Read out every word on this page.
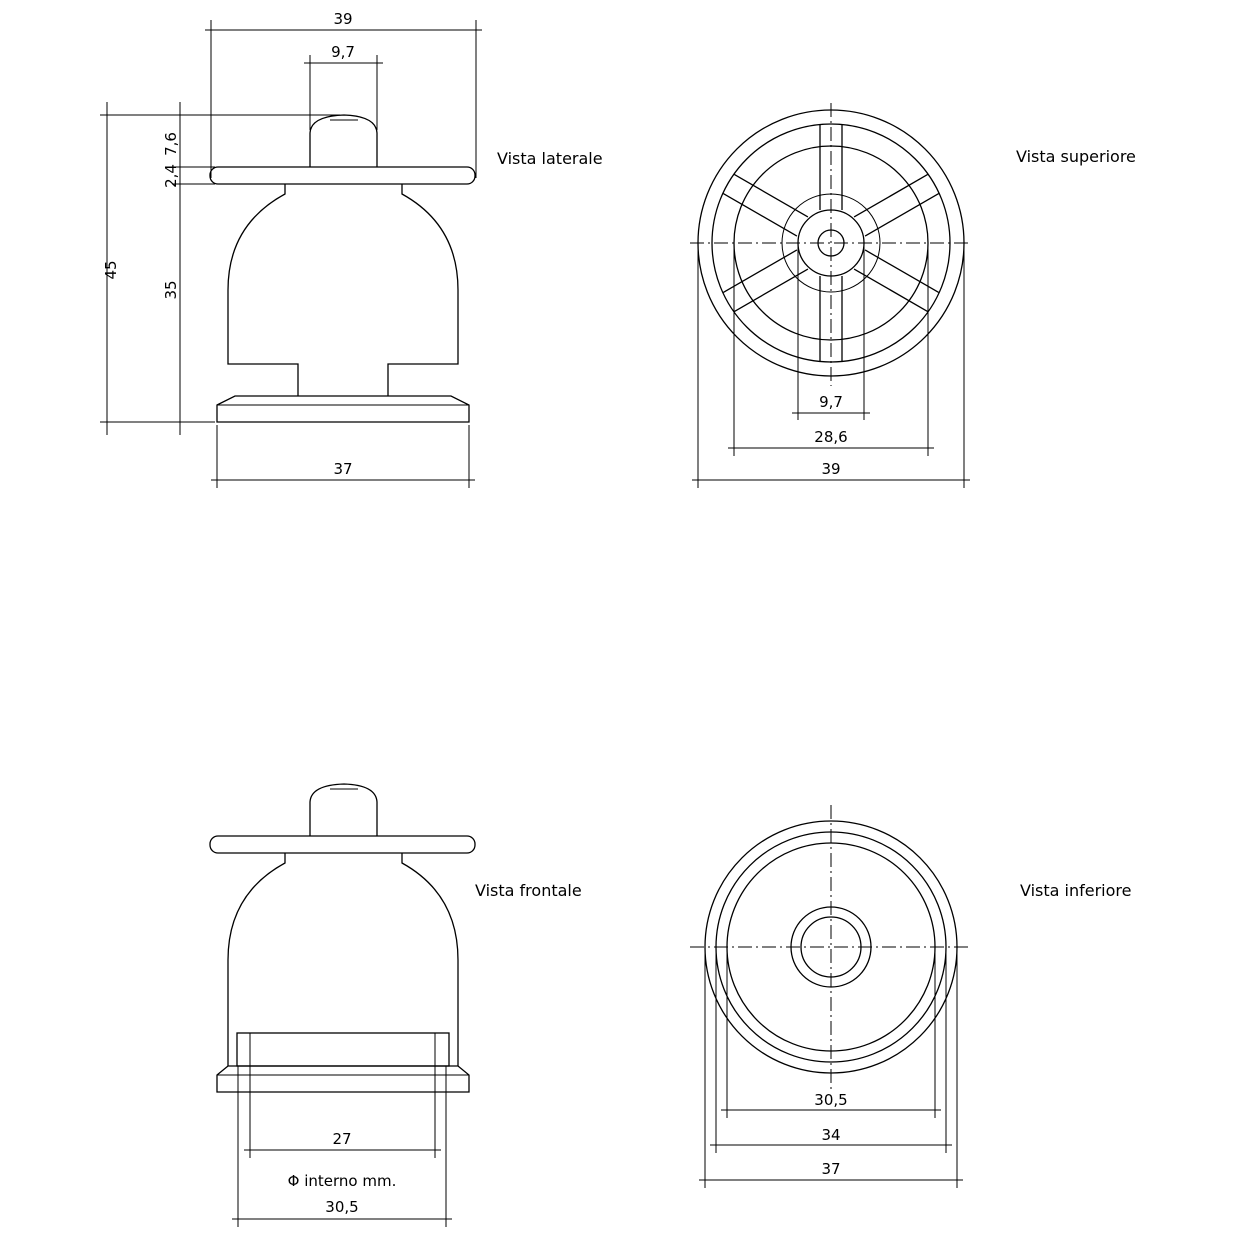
39
9,7
45
7,6
2,4
35
37
Vista laterale
9,7
28,6
39
Vista superiore
27
Φ interno mm.
30,5
Vista frontale
30,5
34
37
Vista inferiore
